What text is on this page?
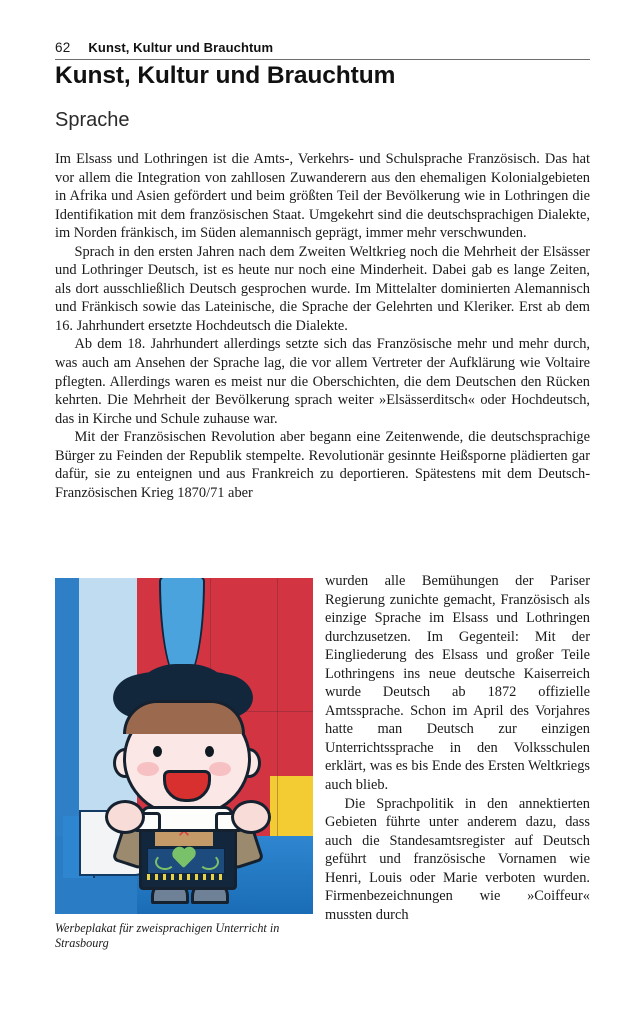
62 Kunst, Kultur und Brauchtum
Kunst, Kultur und Brauchtum
Sprache

Im Elsass und Lothringen ist die Amts-, Verkehrs- und Schulsprache Französisch. Das hat vor allem die Integration von zahllosen Zuwanderern aus den ehemaligen Kolonialgebieten in Afrika und Asien gefördert und beim größten Teil der Bevölkerung wie in Lothringen die Identifikation mit dem französischen Staat. Umgekehrt sind die deutschsprachigen Dialekte, im Norden fränkisch, im Süden alemannisch geprägt, immer mehr verschwunden.

Sprach in den ersten Jahren nach dem Zweiten Weltkrieg noch die Mehrheit der Elsässer und Lothringer Deutsch, ist es heute nur noch eine Minderheit. Dabei gab es lange Zeiten, als dort ausschließlich Deutsch gesprochen wurde. Im Mittelalter dominierten Alemannisch und Fränkisch sowie das Lateinische, die Sprache der Gelehrten und Kleriker. Erst ab dem 16. Jahrhundert ersetzte Hochdeutsch die Dialekte.

Ab dem 18. Jahrhundert allerdings setzte sich das Französische mehr und mehr durch, was auch am Ansehen der Sprache lag, die vor allem Vertreter der Aufklärung wie Voltaire pflegten. Allerdings waren es meist nur die Oberschichten, die dem Deutschen den Rücken kehrten. Die Mehrheit der Bevölkerung sprach weiter »Elsässerditsch« oder Hochdeutsch, das in Kirche und Schule zuhause war.

Mit der Französischen Revolution aber begann eine Zeitenwende, die deutschsprachige Bürger zu Feinden der Republik stempelte. Revolutionär gesinnte Heißsporne plädierten gar dafür, sie zu enteignen und aus Frankreich zu deportieren. Spätestens mit dem Deutsch-Französischen Krieg 1870/71 aber

wurden alle Bemühungen der Pariser Regierung zunichte gemacht, Französisch als einzige Sprache im Elsass und Lothringen durchzusetzen. Im Gegenteil: Mit der Eingliederung des Elsass und großer Teile Lothringens ins neue deutsche Kaiserreich wurde Deutsch ab 1872 offizielle Amtssprache. Schon im April des Vorjahres hatte man Deutsch zur einzigen Unterrichtssprache in den Volksschulen erklärt, was es bis Ende des Ersten Weltkriegs auch blieb.

Die Sprachpolitik in den annektierten Gebieten führte unter anderem dazu, dass auch die Standesamtsregister auf Deutsch geführt und französische Vornamen wie Henri, Louis oder Marie verboten wurden. Firmenbezeichnungen wie »Coiffeur« mussten durch

Werbeplakat für zweisprachigen Unterricht in Strasbourg
